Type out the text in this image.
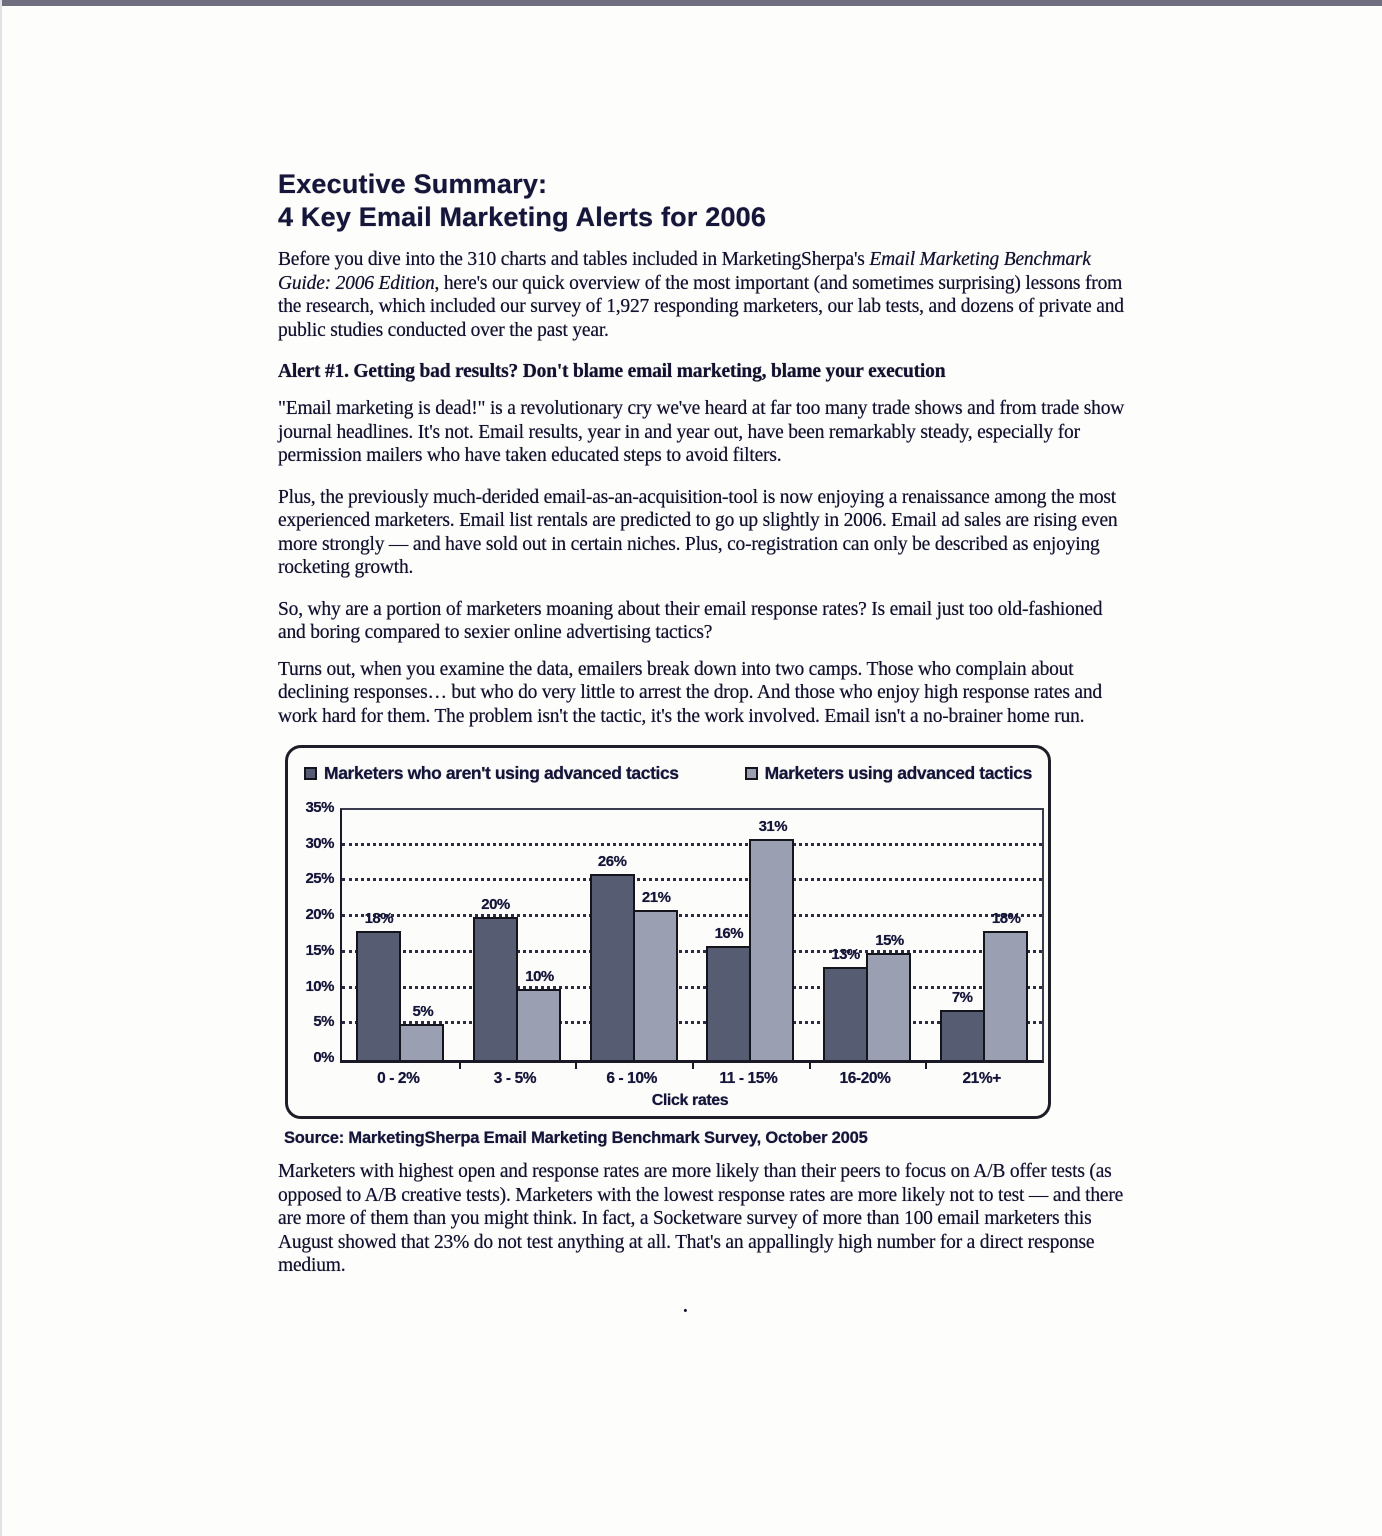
Executive Summary:
4 Key Email Marketing Alerts for 2006

Before you dive into the 310 charts and tables included in MarketingSherpa's Email Marketing Benchmark Guide: 2006 Edition, here's our quick overview of the most important (and sometimes surprising) lessons from the research, which included our survey of 1,927 responding marketers, our lab tests, and dozens of private and public studies conducted over the past year.

Alert #1. Getting bad results? Don't blame email marketing, blame your execution

"Email marketing is dead!" is a revolutionary cry we've heard at far too many trade shows and from trade show journal headlines. It's not. Email results, year in and year out, have been remarkably steady, especially for permission mailers who have taken educated steps to avoid filters.

Plus, the previously much-derided email-as-an-acquisition-tool is now enjoying a renaissance among the most experienced marketers. Email list rentals are predicted to go up slightly in 2006. Email ad sales are rising even more strongly — and have sold out in certain niches. Plus, co-registration can only be described as enjoying rocketing growth.

So, why are a portion of marketers moaning about their email response rates? Is email just too old-fashioned and boring compared to sexier online advertising tactics?

Turns out, when you examine the data, emailers break down into two camps. Those who complain about declining responses… but who do very little to arrest the drop. And those who enjoy high response rates and work hard for them. The problem isn't the tactic, it's the work involved. Email isn't a no-brainer home run.

Marketers who aren't using advanced tactics	Marketers using advanced tactics
35%
30%
25%
20%
15%
10%
5%
0%
18%
5%
20%
10%
26%
21%
16%
31%
13%
15%
7%
18%
0 - 2%	3 - 5%	6 - 10%	11 - 15%	16-20%	21%+
Click rates
Source: MarketingSherpa Email Marketing Benchmark Survey, October 2005

Marketers with highest open and response rates are more likely than their peers to focus on A/B offer tests (as opposed to A/B creative tests). Marketers with the lowest response rates are more likely not to test — and there are more of them than you might think. In fact, a Socketware survey of more than 100 email marketers this August showed that 23% do not test anything at all. That's an appallingly high number for a direct response medium.

.
